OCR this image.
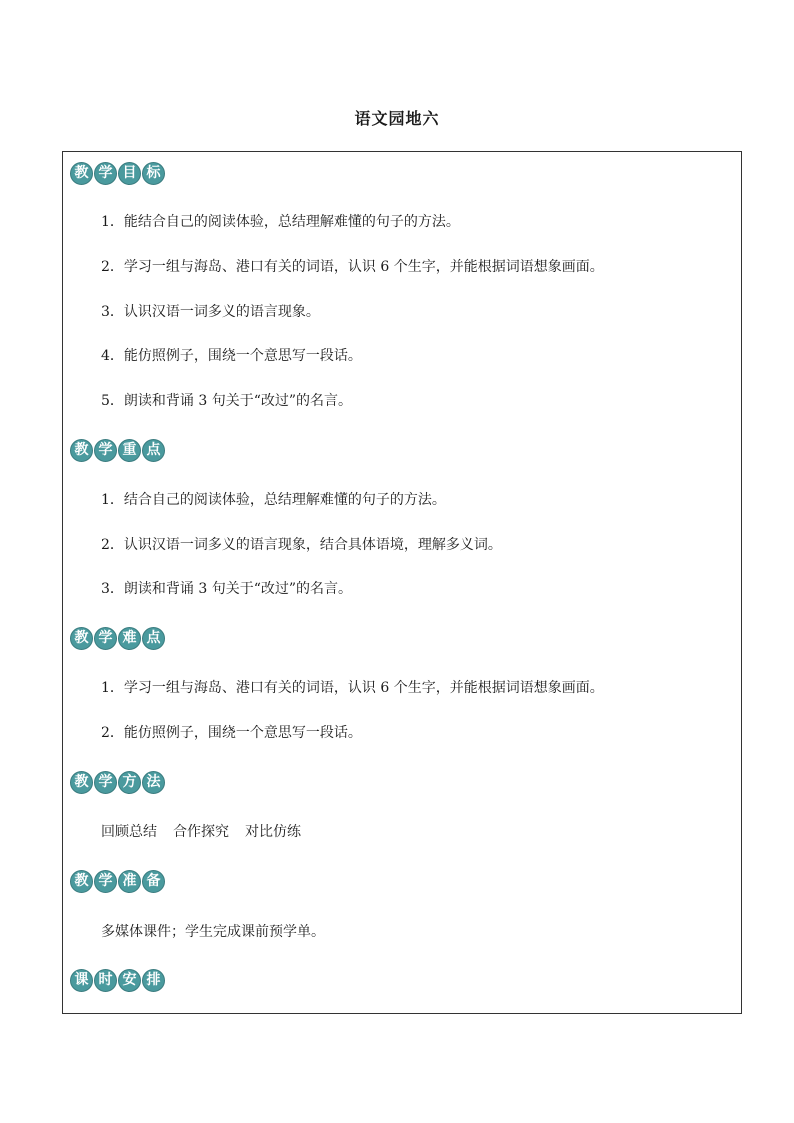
语文园地六
教 学 目 标
1．能结合自己的阅读体验，总结理解难懂的句子的方法。
2．学习一组与海岛、港口有关的词语，认识 6 个生字，并能根据词语想象画面。
3．认识汉语一词多义的语言现象。
4．能仿照例子，围绕一个意思写一段话。
5．朗读和背诵 3 句关于“改过”的名言。
教 学 重 点
1．结合自己的阅读体验，总结理解难懂的句子的方法。
2．认识汉语一词多义的语言现象，结合具体语境，理解多义词。
3．朗读和背诵 3 句关于“改过”的名言。
教 学 难 点
1．学习一组与海岛、港口有关的词语，认识 6 个生字，并能根据词语想象画面。
2．能仿照例子，围绕一个意思写一段话。
教 学 方 法
回顾总结 合作探究 对比仿练
教 学 准 备
多媒体课件；学生完成课前预学单。
课 时 安 排
